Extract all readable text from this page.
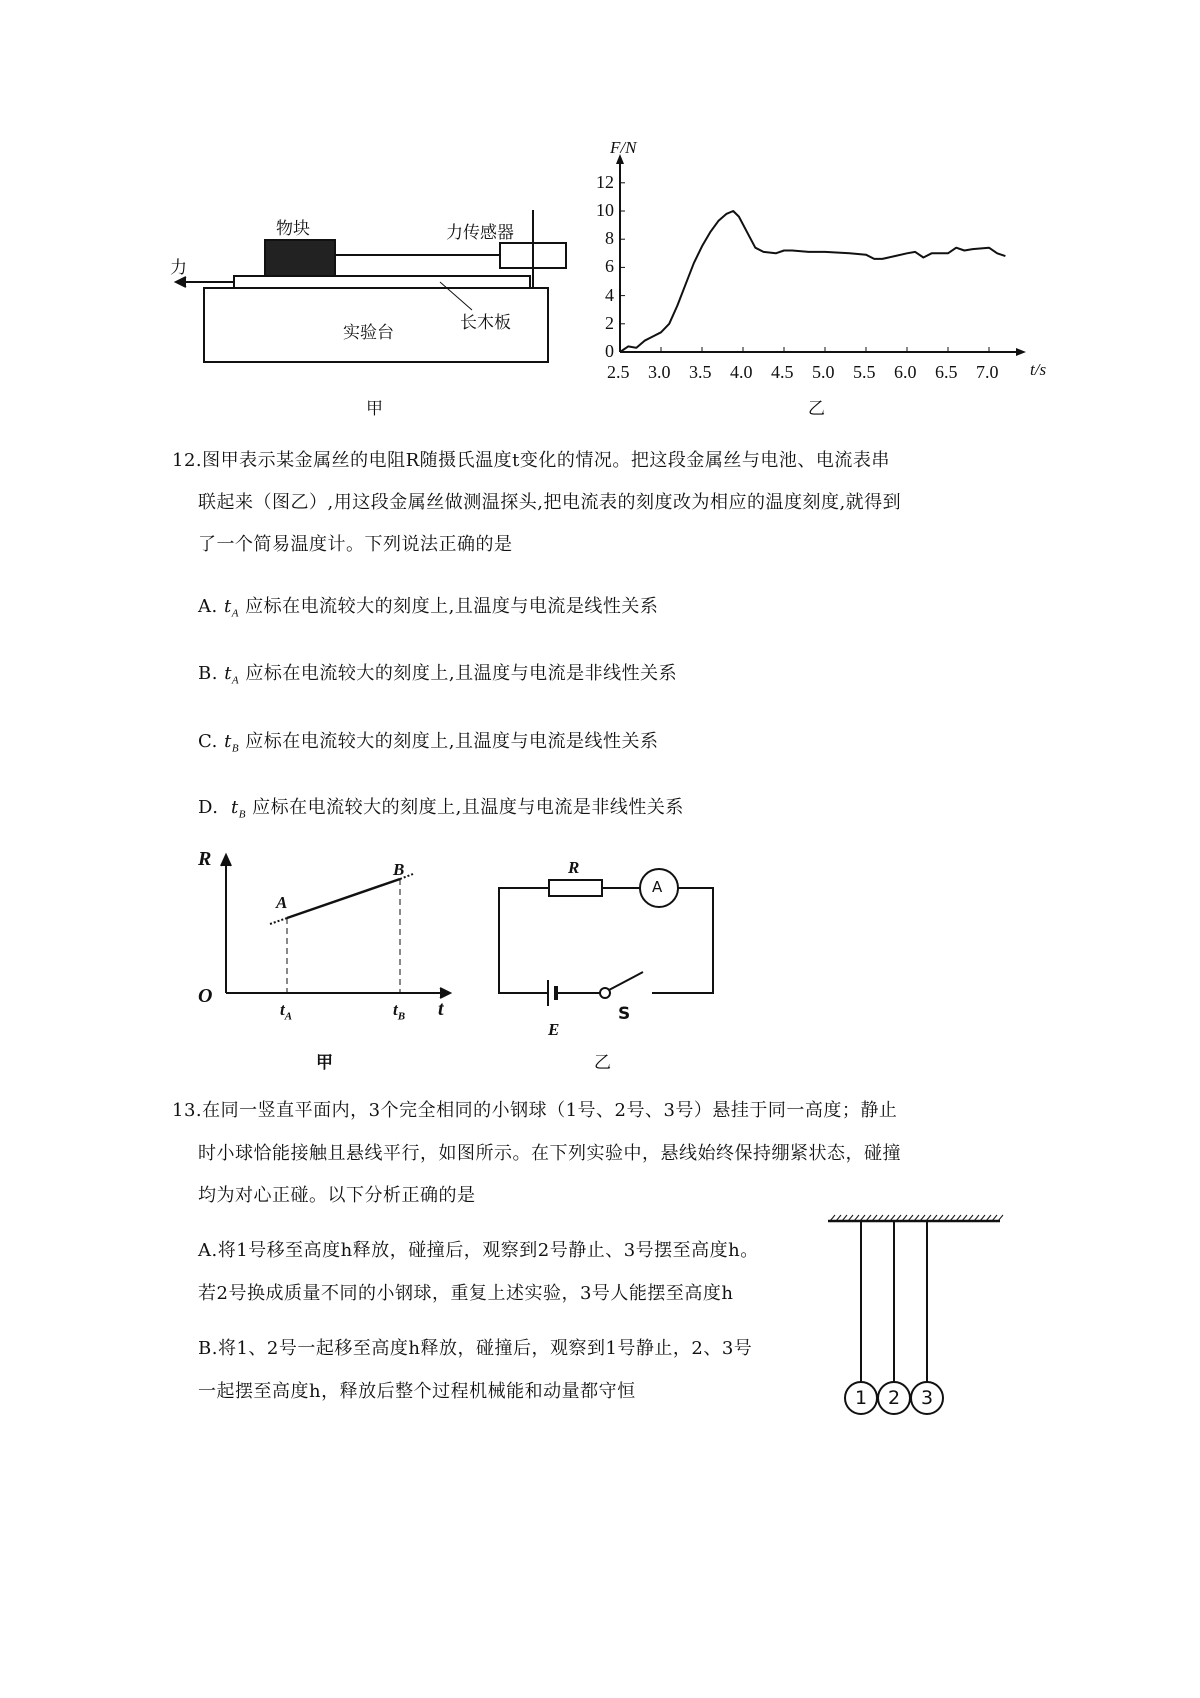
物块	力传感器
力
长木板
实验台
甲
F/N
t/s
乙
2.5 3.0 3.5 4.0 4.5 5.0 5.5 6.0 6.5 7.0
0
2
4
6
8
10
12
12.图甲表示某金属丝的电阻R随摄氏温度t变化的情况。把这段金属丝与电池、电流表串
联起来（图乙）,用这段金属丝做测温探头,把电流表的刻度改为相应的温度刻度,就得到
了一个简易温度计。下列说法正确的是
A. $t_A$ 应标在电流较大的刻度上,且温度与电流是线性关系
B. $t_A$ 应标在电流较大的刻度上,且温度与电流是非线性关系
C. $t_B$ 应标在电流较大的刻度上,且温度与电流是线性关系
D. $t_B$ 应标在电流较大的刻度上,且温度与电流是非线性关系
R
O
t
A
B
$t_A$	$t_B$
甲
R
A
E
S
乙
13.在同一竖直平面内，3个完全相同的小钢球（1号、2号、3号）悬挂于同一高度；静止
时小球恰能接触且悬线平行，如图所示。在下列实验中，悬线始终保持绷紧状态，碰撞
均为对心正碰。以下分析正确的是
A.将1号移至高度h释放，碰撞后，观察到2号静止、3号摆至高度h。
若2号换成质量不同的小钢球，重复上述实验，3号人能摆至高度h
B.将1、2号一起移至高度h释放，碰撞后，观察到1号静止，2、3号
一起摆至高度h，释放后整个过程机械能和动量都守恒	1 2 3
